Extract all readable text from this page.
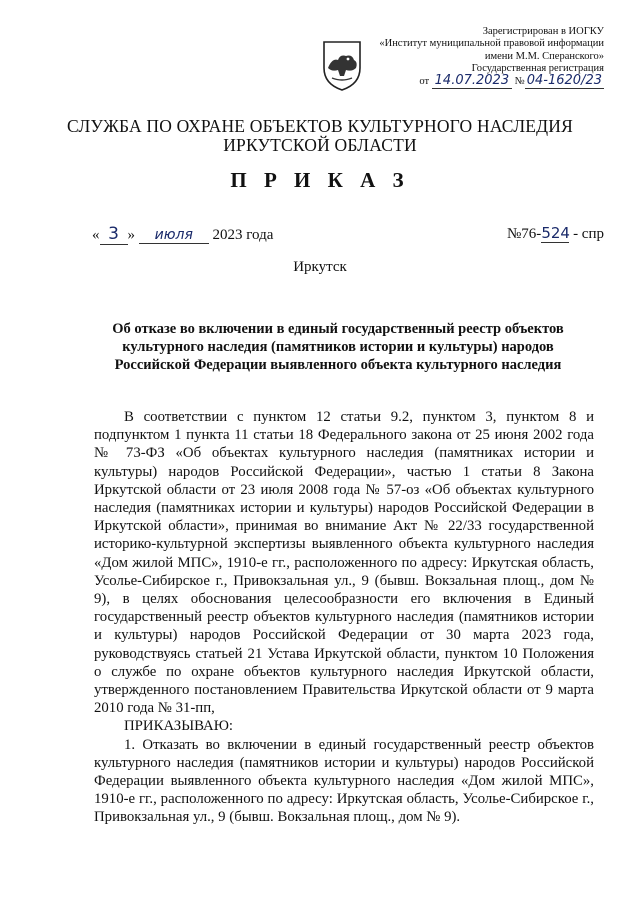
Зарегистрирован в ИОГКУ
«Институт муниципальной правовой информации
имени М.М. Сперанского»
Государственная регистрация
от 14.07.2023 № 04-1620/23
СЛУЖБА ПО ОХРАНЕ ОБЪЕКТОВ КУЛЬТУРНОГО НАСЛЕДИЯ
ИРКУТСКОЙ ОБЛАСТИ
П Р И К А З
« 3 » июля 2023 года	№76-524 - спр
Иркутск
Об отказе во включении в единый государственный реестр объектов культурного наследия (памятников истории и культуры) народов Российской Федерации выявленного объекта культурного наследия

В соответствии с пунктом 12 статьи 9.2, пунктом 3, пунктом 8 и подпунктом 1 пункта 11 статьи 18 Федерального закона от 25 июня 2002 года № 73-ФЗ «Об объектах культурного наследия (памятниках истории и культуры) народов Российской Федерации», частью 1 статьи 8 Закона Иркутской области от 23 июля 2008 года № 57-оз «Об объектах культурного наследия (памятниках истории и культуры) народов Российской Федерации в Иркутской области», принимая во внимание Акт № 22/33 государственной историко-культурной экспертизы выявленного объекта культурного наследия «Дом жилой МПС», 1910-е гг., расположенного по адресу: Иркутская область, Усолье-Сибирское г., Привокзальная ул., 9 (бывш. Вокзальная площ., дом № 9), в целях обоснования целесообразности его включения в Единый государственный реестр объектов культурного наследия (памятников истории и культуры) народов Российской Федерации от 30 марта 2023 года, руководствуясь статьей 21 Устава Иркутской области, пунктом 10 Положения о службе по охране объектов культурного наследия Иркутской области, утвержденного постановлением Правительства Иркутской области от 9 марта 2010 года № 31-пп,

ПРИКАЗЫВАЮ:

1. Отказать во включении в единый государственный реестр объектов культурного наследия (памятников истории и культуры) народов Российской Федерации выявленного объекта культурного наследия «Дом жилой МПС», 1910-е гг., расположенного по адресу: Иркутская область, Усолье-Сибирское г., Привокзальная ул., 9 (бывш. Вокзальная площ., дом № 9).
